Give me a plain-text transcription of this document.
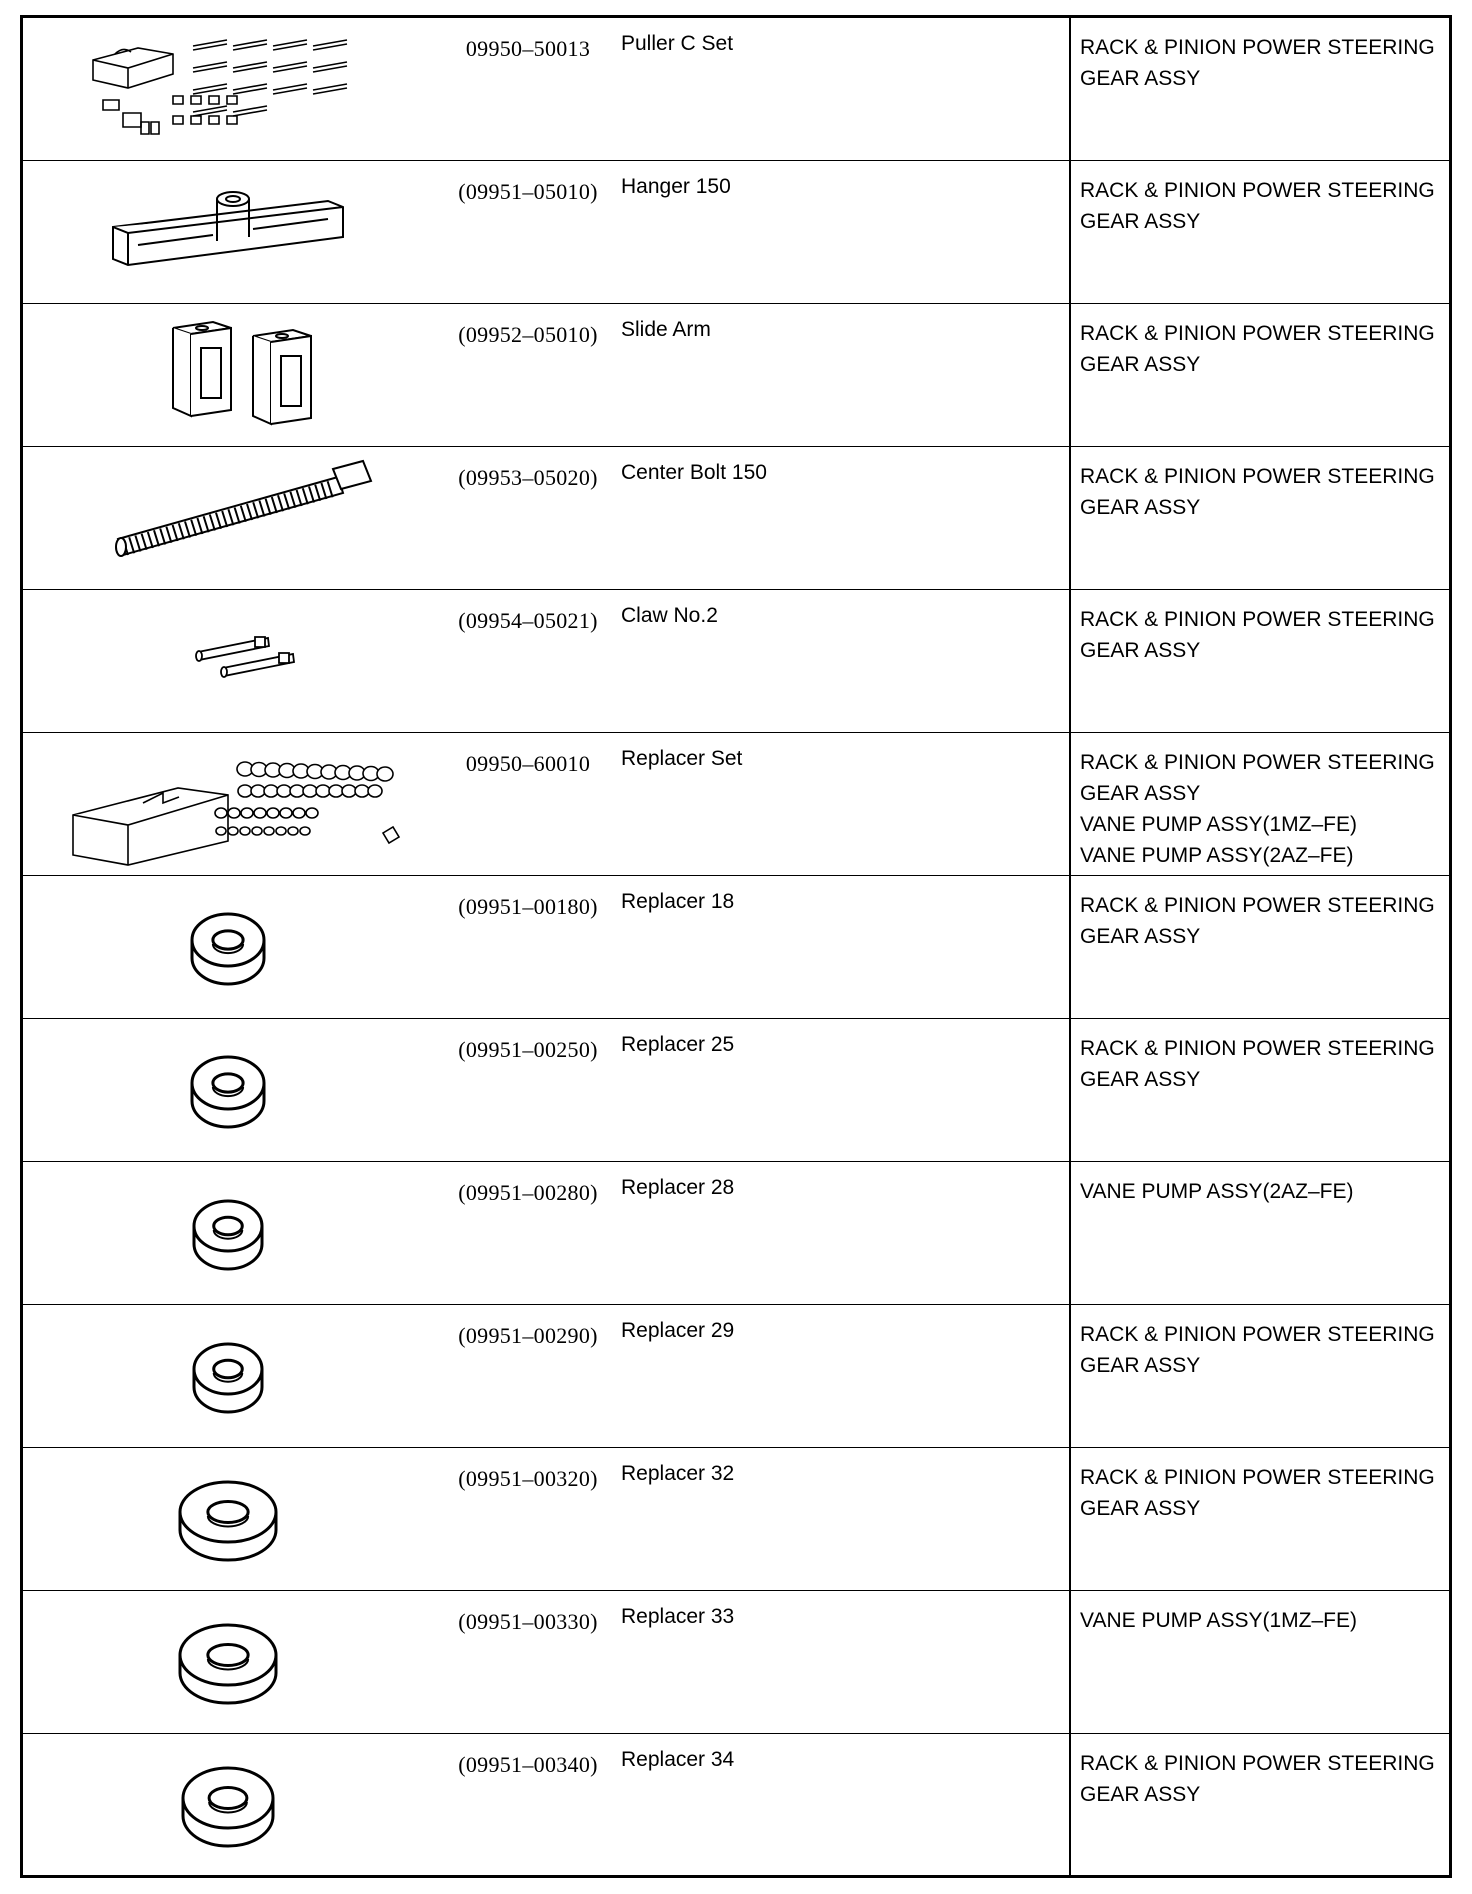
09950–50013	Puller C Set	RACK & PINION POWER STEERING
GEAR ASSY
(09951–05010)	Hanger 150	RACK & PINION POWER STEERING
GEAR ASSY
(09952–05010)	Slide Arm	RACK & PINION POWER STEERING
GEAR ASSY
(09953–05020)	Center Bolt 150	RACK & PINION POWER STEERING
GEAR ASSY
(09954–05021)	Claw No.2	RACK & PINION POWER STEERING
GEAR ASSY
09950–60010	Replacer Set	RACK & PINION POWER STEERING
GEAR ASSY
VANE PUMP ASSY(1MZ–FE)
VANE PUMP ASSY(2AZ–FE)
(09951–00180)	Replacer 18	RACK & PINION POWER STEERING
GEAR ASSY
(09951–00250)	Replacer 25	RACK & PINION POWER STEERING
GEAR ASSY
(09951–00280)	Replacer 28	VANE PUMP ASSY(2AZ–FE)
(09951–00290)	Replacer 29	RACK & PINION POWER STEERING
GEAR ASSY
(09951–00320)	Replacer 32	RACK & PINION POWER STEERING
GEAR ASSY
(09951–00330)	Replacer 33	VANE PUMP ASSY(1MZ–FE)
(09951–00340)	Replacer 34	RACK & PINION POWER STEERING
GEAR ASSY
